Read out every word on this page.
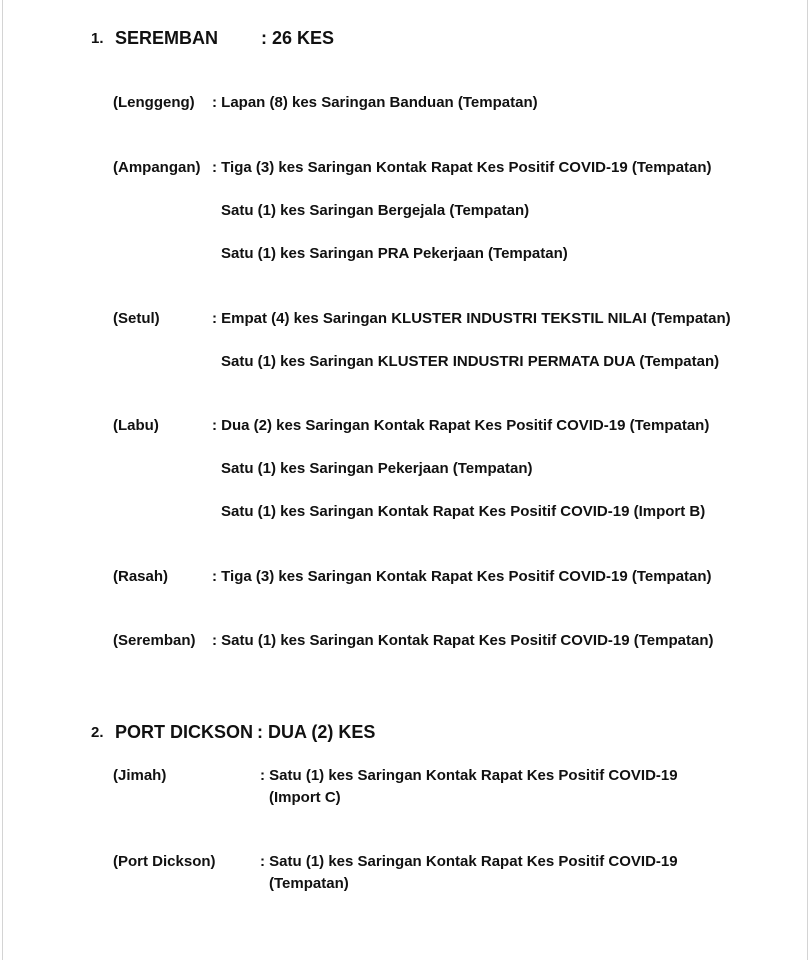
1. SEREMBAN : 26 KES
(Lenggeng) : Lapan (8) kes Saringan Banduan (Tempatan)
(Ampangan) : Tiga (3) kes Saringan Kontak Rapat Kes Positif COVID-19 (Tempatan)
Satu (1) kes Saringan Bergejala (Tempatan)
Satu (1) kes Saringan PRA Pekerjaan (Tempatan)
(Setul)	: Empat (4) kes Saringan KLUSTER INDUSTRI TEKSTIL NILAI (Tempatan)
Satu (1) kes Saringan KLUSTER INDUSTRI PERMATA DUA (Tempatan)
(Labu)	: Dua (2) kes Saringan Kontak Rapat Kes Positif COVID-19 (Tempatan)
Satu (1) kes Saringan Pekerjaan (Tempatan)
Satu (1) kes Saringan Kontak Rapat Kes Positif COVID-19 (Import B)
(Rasah)	: Tiga (3) kes Saringan Kontak Rapat Kes Positif COVID-19 (Tempatan)
(Seremban) : Satu (1) kes Saringan Kontak Rapat Kes Positif COVID-19 (Tempatan)
2. PORT DICKSON : DUA (2) KES
(Jimah)	: Satu (1) kes Saringan Kontak Rapat Kes Positif COVID-19
(Import C)
(Port Dickson)	: Satu (1) kes Saringan Kontak Rapat Kes Positif COVID-19
(Tempatan)
